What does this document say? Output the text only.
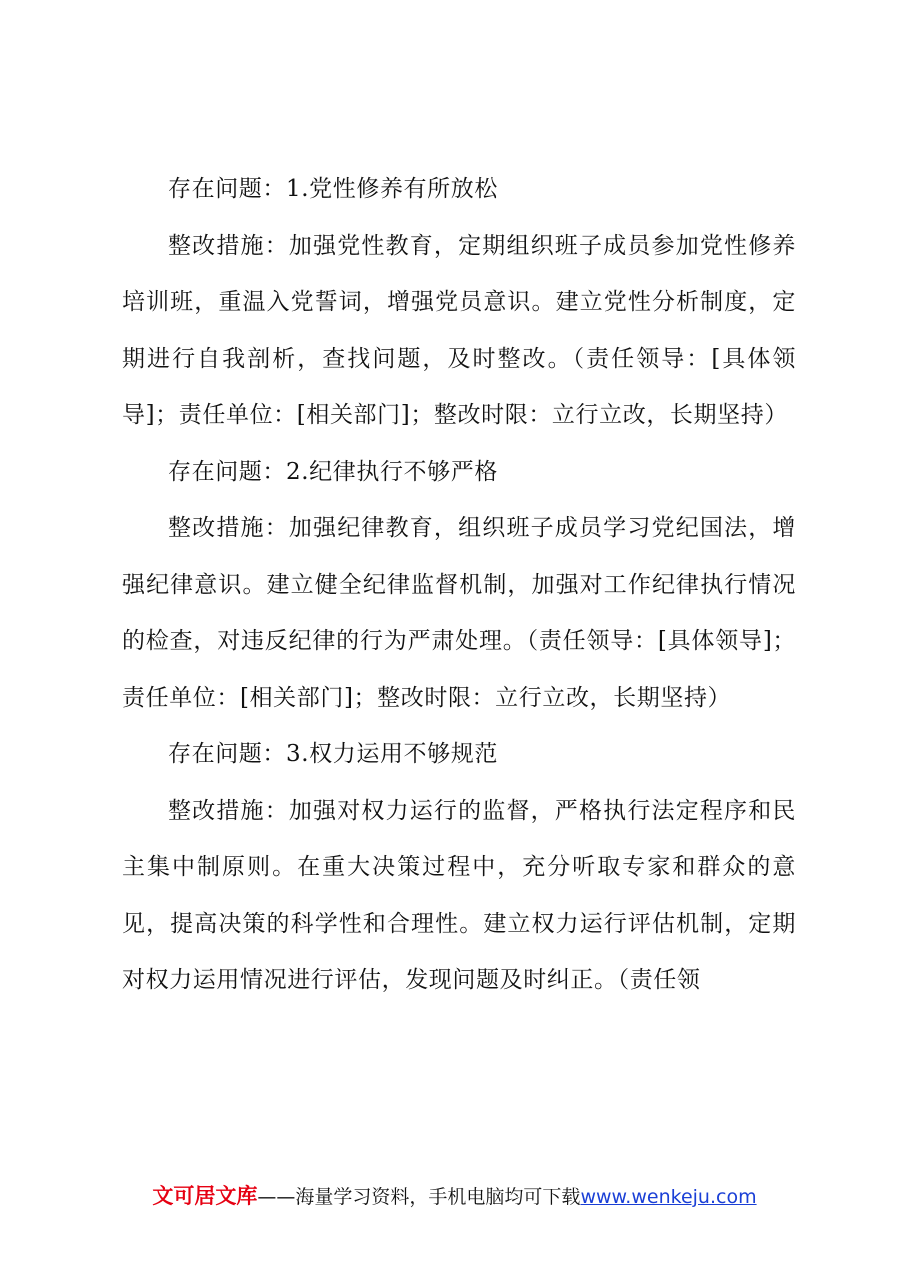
存在问题：1.党性修养有所放松

整改措施：加强党性教育，定期组织班子成员参加党性修养培训班，重温入党誓词，增强党员意识。建立党性分析制度，定期进行自我剖析，查找问题，及时整改。（责任领导：[具体领导]；责任单位：[相关部门]；整改时限：立行立改，长期坚持）

存在问题：2.纪律执行不够严格

整改措施：加强纪律教育，组织班子成员学习党纪国法，增强纪律意识。建立健全纪律监督机制，加强对工作纪律执行情况的检查，对违反纪律的行为严肃处理。（责任领导：[具体领导]；责任单位：[相关部门]；整改时限：立行立改，长期坚持）

存在问题：3.权力运用不够规范

整改措施：加强对权力运行的监督，严格执行法定程序和民主集中制原则。在重大决策过程中，充分听取专家和群众的意见，提高决策的科学性和合理性。建立权力运行评估机制，定期对权力运用情况进行评估，发现问题及时纠正。（责任领

文可居文库——海量学习资料，手机电脑均可下载www.wenkeju.com
